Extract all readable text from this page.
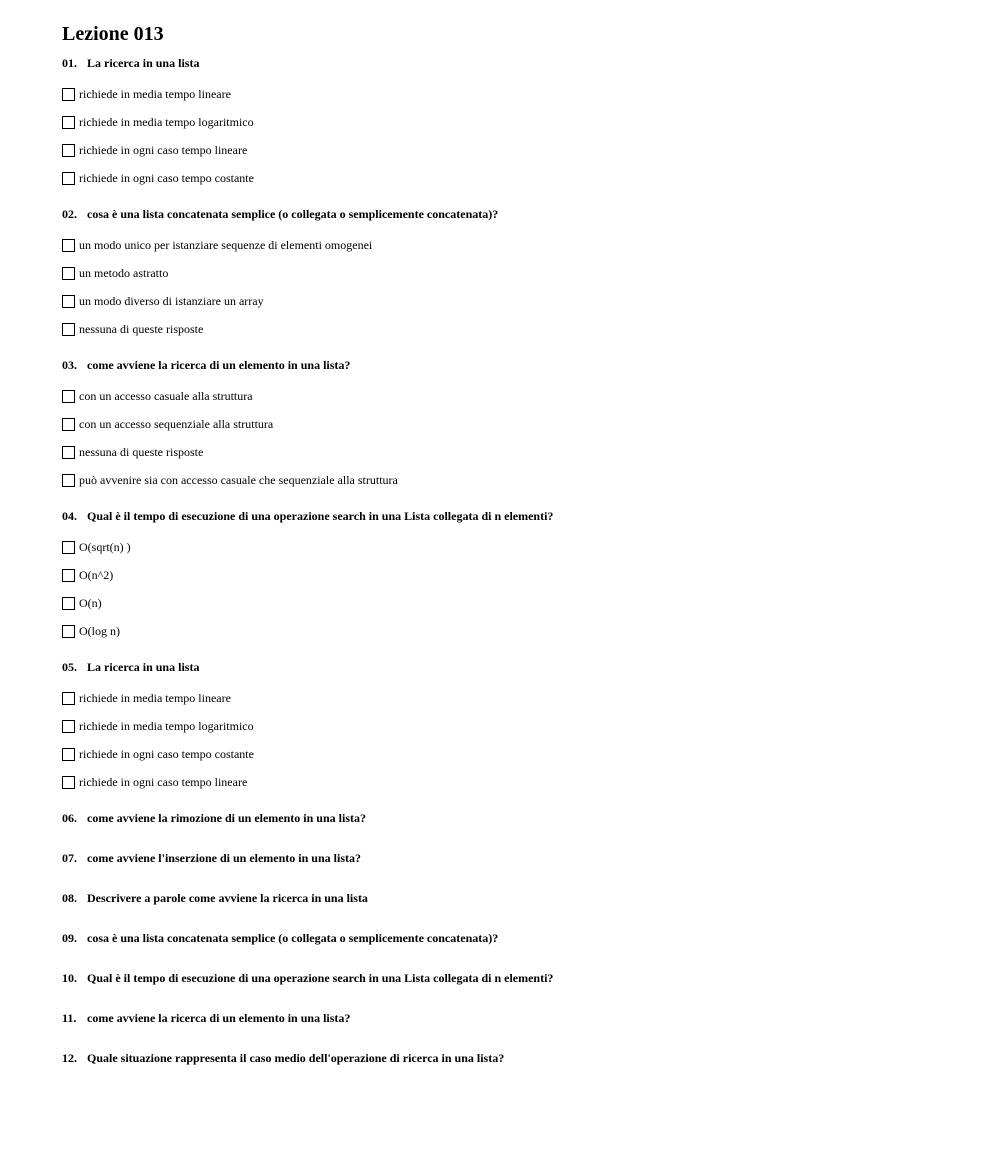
Lezione 013
01. La ricerca in una lista
richiede in media tempo lineare
richiede in media tempo logaritmico
richiede in ogni caso tempo lineare
richiede in ogni caso tempo costante
02. cosa è una lista concatenata semplice (o collegata o semplicemente concatenata)?
un modo unico per istanziare sequenze di elementi omogenei
un metodo astratto
un modo diverso di istanziare un array
nessuna di queste risposte
03. come avviene la ricerca di un elemento in una lista?
con un accesso casuale alla struttura
con un accesso sequenziale alla struttura
nessuna di queste risposte
può avvenire sia con accesso casuale che sequenziale alla struttura
04. Qual è il tempo di esecuzione di una operazione search in una Lista collegata di n elementi?
O(sqrt(n) )
O(n^2)
O(n)
O(log n)
05. La ricerca in una lista
richiede in media tempo lineare
richiede in media tempo logaritmico
richiede in ogni caso tempo costante
richiede in ogni caso tempo lineare
06. come avviene la rimozione di un elemento in una lista?
07. come avviene l'inserzione di un elemento in una lista?
08. Descrivere a parole come avviene la ricerca in una lista
09. cosa è una lista concatenata semplice (o collegata o semplicemente concatenata)?
10. Qual è il tempo di esecuzione di una operazione search in una Lista collegata di n elementi?
11. come avviene la ricerca di un elemento in una lista?
12. Quale situazione rappresenta il caso medio dell'operazione di ricerca in una lista?
